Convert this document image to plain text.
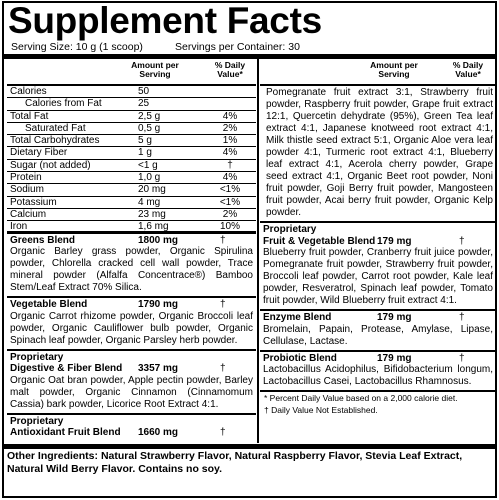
Supplement Facts
Serving Size: 10 g (1 scoop)	Servings per Container: 30
Amount per Serving
% Daily Value*
Calories	50
Calories from Fat	25
Total Fat	2,5 g	4%
Saturated Fat	0,5 g	2%
Total Carbohydrates	5 g	1%
Dietary Fiber	1 g	4%
Sugar (not added)	<1 g	†
Protein	1,0 g	4%
Sodium	20 mg	<1%
Potassium	4 mg	<1%
Calcium	23 mg	2%
Iron	1,6 mg	10%
Greens Blend	1800 mg	†
Organic Barley grass powder, Organic Spirulina powder, Chlorella cracked cell wall powder, Trace mineral powder (Alfalfa Concentrace®) Bamboo Stem/Leaf Extract 70% Silica.
Vegetable Blend	1790 mg	†
Organic Carrot rhizome powder, Organic Broccoli leaf powder, Organic Cauliflower bulb powder, Organic Spinach leaf powder, Organic Parsley herb powder.
Proprietary
Digestive & Fiber Blend 3357 mg	†
Organic Oat bran powder, Apple pectin powder, Barley malt powder, Organic Cinnamon (Cinnamomum Cassia) bark powder, Licorice Root Extract 4:1.
Proprietary
Antioxidant Fruit Blend 1660 mg	†
Amount per Serving
% Daily Value*
Pomegranate fruit extract 3:1, Strawberry fruit powder, Raspberry fruit powder, Grape fruit extract 12:1, Quercetin dehydrate (95%), Green Tea leaf extract 4:1, Japanese knotweed root extract 4:1, Milk thistle seed extract 5:1, Organic Aloe vera leaf powder 4:1, Turmeric root extract 4:1, Blueberry leaf extract 4:1, Acerola cherry powder, Grape seed extract 4:1, Organic Beet root powder, Noni fruit powder, Goji Berry fruit powder, Mangosteen fruit powder, Acai berry fruit powder, Organic Kelp powder.
Proprietary
Fruit & Vegetable Blend 179 mg	†
Blueberry fruit powder, Cranberry fruit juice powder, Pomegranate fruit powder, Strawberry fruit powder, Broccoli leaf powder, Carrot root powder, Kale leaf powder, Resveratrol, Spinach leaf powder, Tomato fruit powder, Wild Blueberry fruit extract 4:1.
Enzyme Blend	179 mg	†
Bromelain, Papain, Protease, Amylase, Lipase, Cellulase, Lactase.
Probiotic Blend	179 mg	†
Lactobacillus Acidophilus, Bifidobacterium longum, Lactobacillus Casei, Lactobacillus Rhamnosus.
* Percent Daily Value based on a 2,000 calorie diet.
† Daily Value Not Established.
Other Ingredients: Natural Strawberry Flavor, Natural Raspberry Flavor, Stevia Leaf Extract, Natural Wild Berry Flavor. Contains no soy.
